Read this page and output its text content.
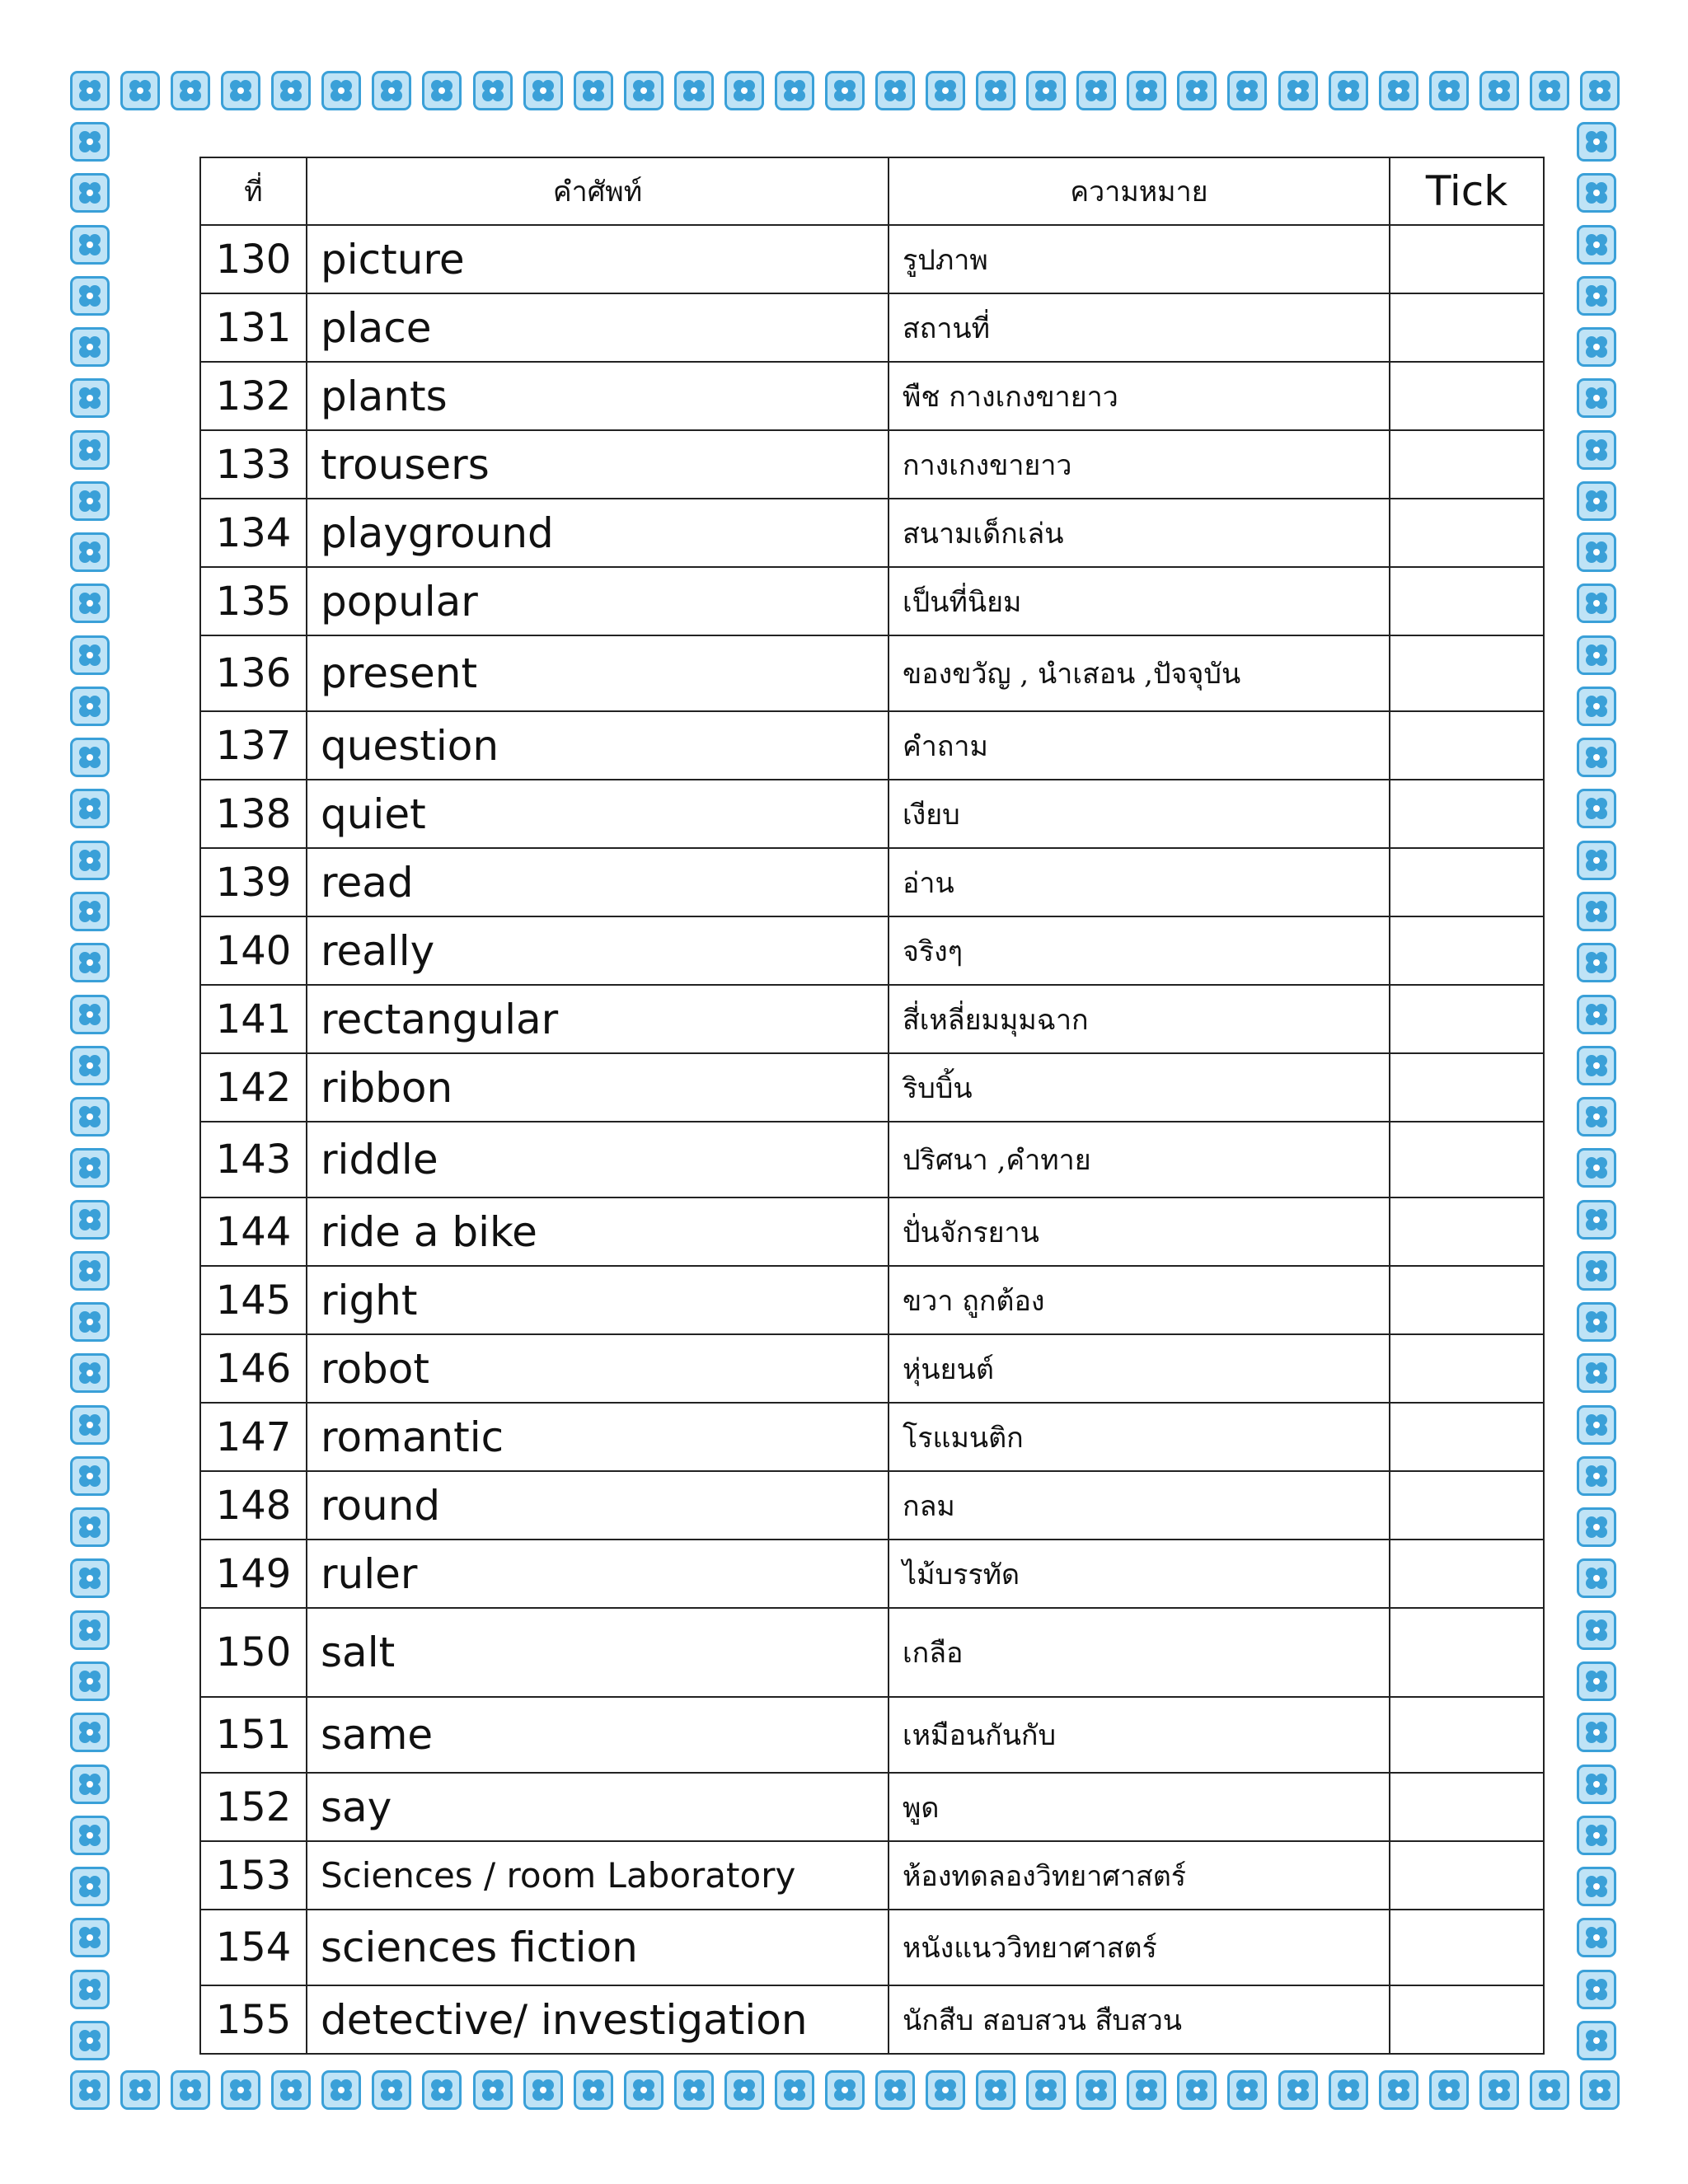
ที่	คำศัพท์	ความหมาย	Tick
130	picture	รูปภาพ	
131	place	สถานที่	
132	plants	พืช กางเกงขายาว	
133	trousers	กางเกงขายาว	
134	playground	สนามเด็กเล่น	
135	popular	เป็นที่นิยม	
136	present	ของขวัญ , นำเสอน ,ปัจจุบัน	
137	question	คำถาม	
138	quiet	เงียบ	
139	read	อ่าน	
140	really	จริงๆ	
141	rectangular	สี่เหลี่ยมมุมฉาก	
142	ribbon	ริบบิ้น	
143	riddle	ปริศนา ,คำทาย	
144	ride a bike	ปั่นจักรยาน	
145	right	ขวา ถูกต้อง	
146	robot	หุ่นยนต์	
147	romantic	โรแมนติก	
148	round	กลม	
149	ruler	ไม้บรรทัด	
150	salt	เกลือ	
151	same	เหมือนกันกับ	
152	say	พูด	
153	Sciences / room Laboratory	ห้องทดลองวิทยาศาสตร์	
154	sciences fiction	หนังแนววิทยาศาสตร์	
155	detective/ investigation	นักสืบ สอบสวน สืบสวน	
